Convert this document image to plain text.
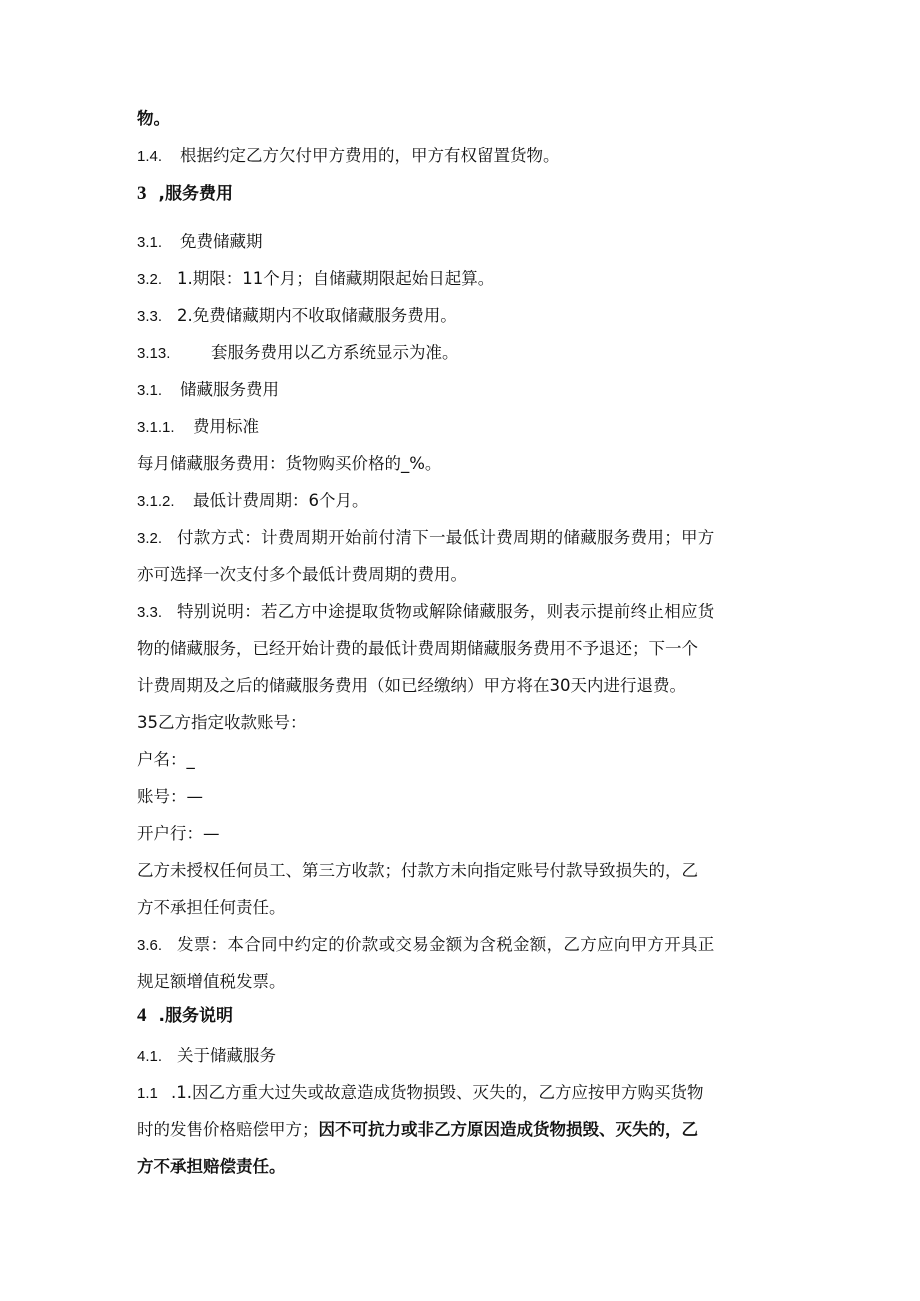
物。
1.4. 根据约定乙方欠付甲方费用的，甲方有权留置货物。
3 ,服务费用
3.1. 免费储藏期
3.2. 1.期限：11个月；自储藏期限起始日起算。
3.3. 2.免费储藏期内不收取储藏服务费用。
3.13. 套服务费用以乙方系统显示为准。
3.1. 储藏服务费用
3.1.1. 费用标准
每月储藏服务费用：货物购买价格的_%。
3.1.2. 最低计费周期：6个月。
3.2. 付款方式：计费周期开始前付清下一最低计费周期的储藏服务费用；甲方
亦可选择一次支付多个最低计费周期的费用。
3.3. 特别说明：若乙方中途提取货物或解除储藏服务，则表示提前终止相应货
物的储藏服务，已经开始计费的最低计费周期储藏服务费用不予退还；下一个
计费周期及之后的储藏服务费用（如已经缴纳）甲方将在30天内进行退费。
35乙方指定收款账号：
户名：_
账号：—
开户行：—
乙方未授权任何员工、第三方收款；付款方未向指定账号付款导致损失的，乙
方不承担任何责任。
3.6. 发票：本合同中约定的价款或交易金额为含税金额，乙方应向甲方开具正
规足额增值税发票。
4 .服务说明
4.1. 关于储藏服务
1.1 .1.因乙方重大过失或故意造成货物损毁、灭失的，乙方应按甲方购买货物
时的发售价格赔偿甲方；因不可抗力或非乙方原因造成货物损毁、灭失的，乙
方不承担赔偿责任。
